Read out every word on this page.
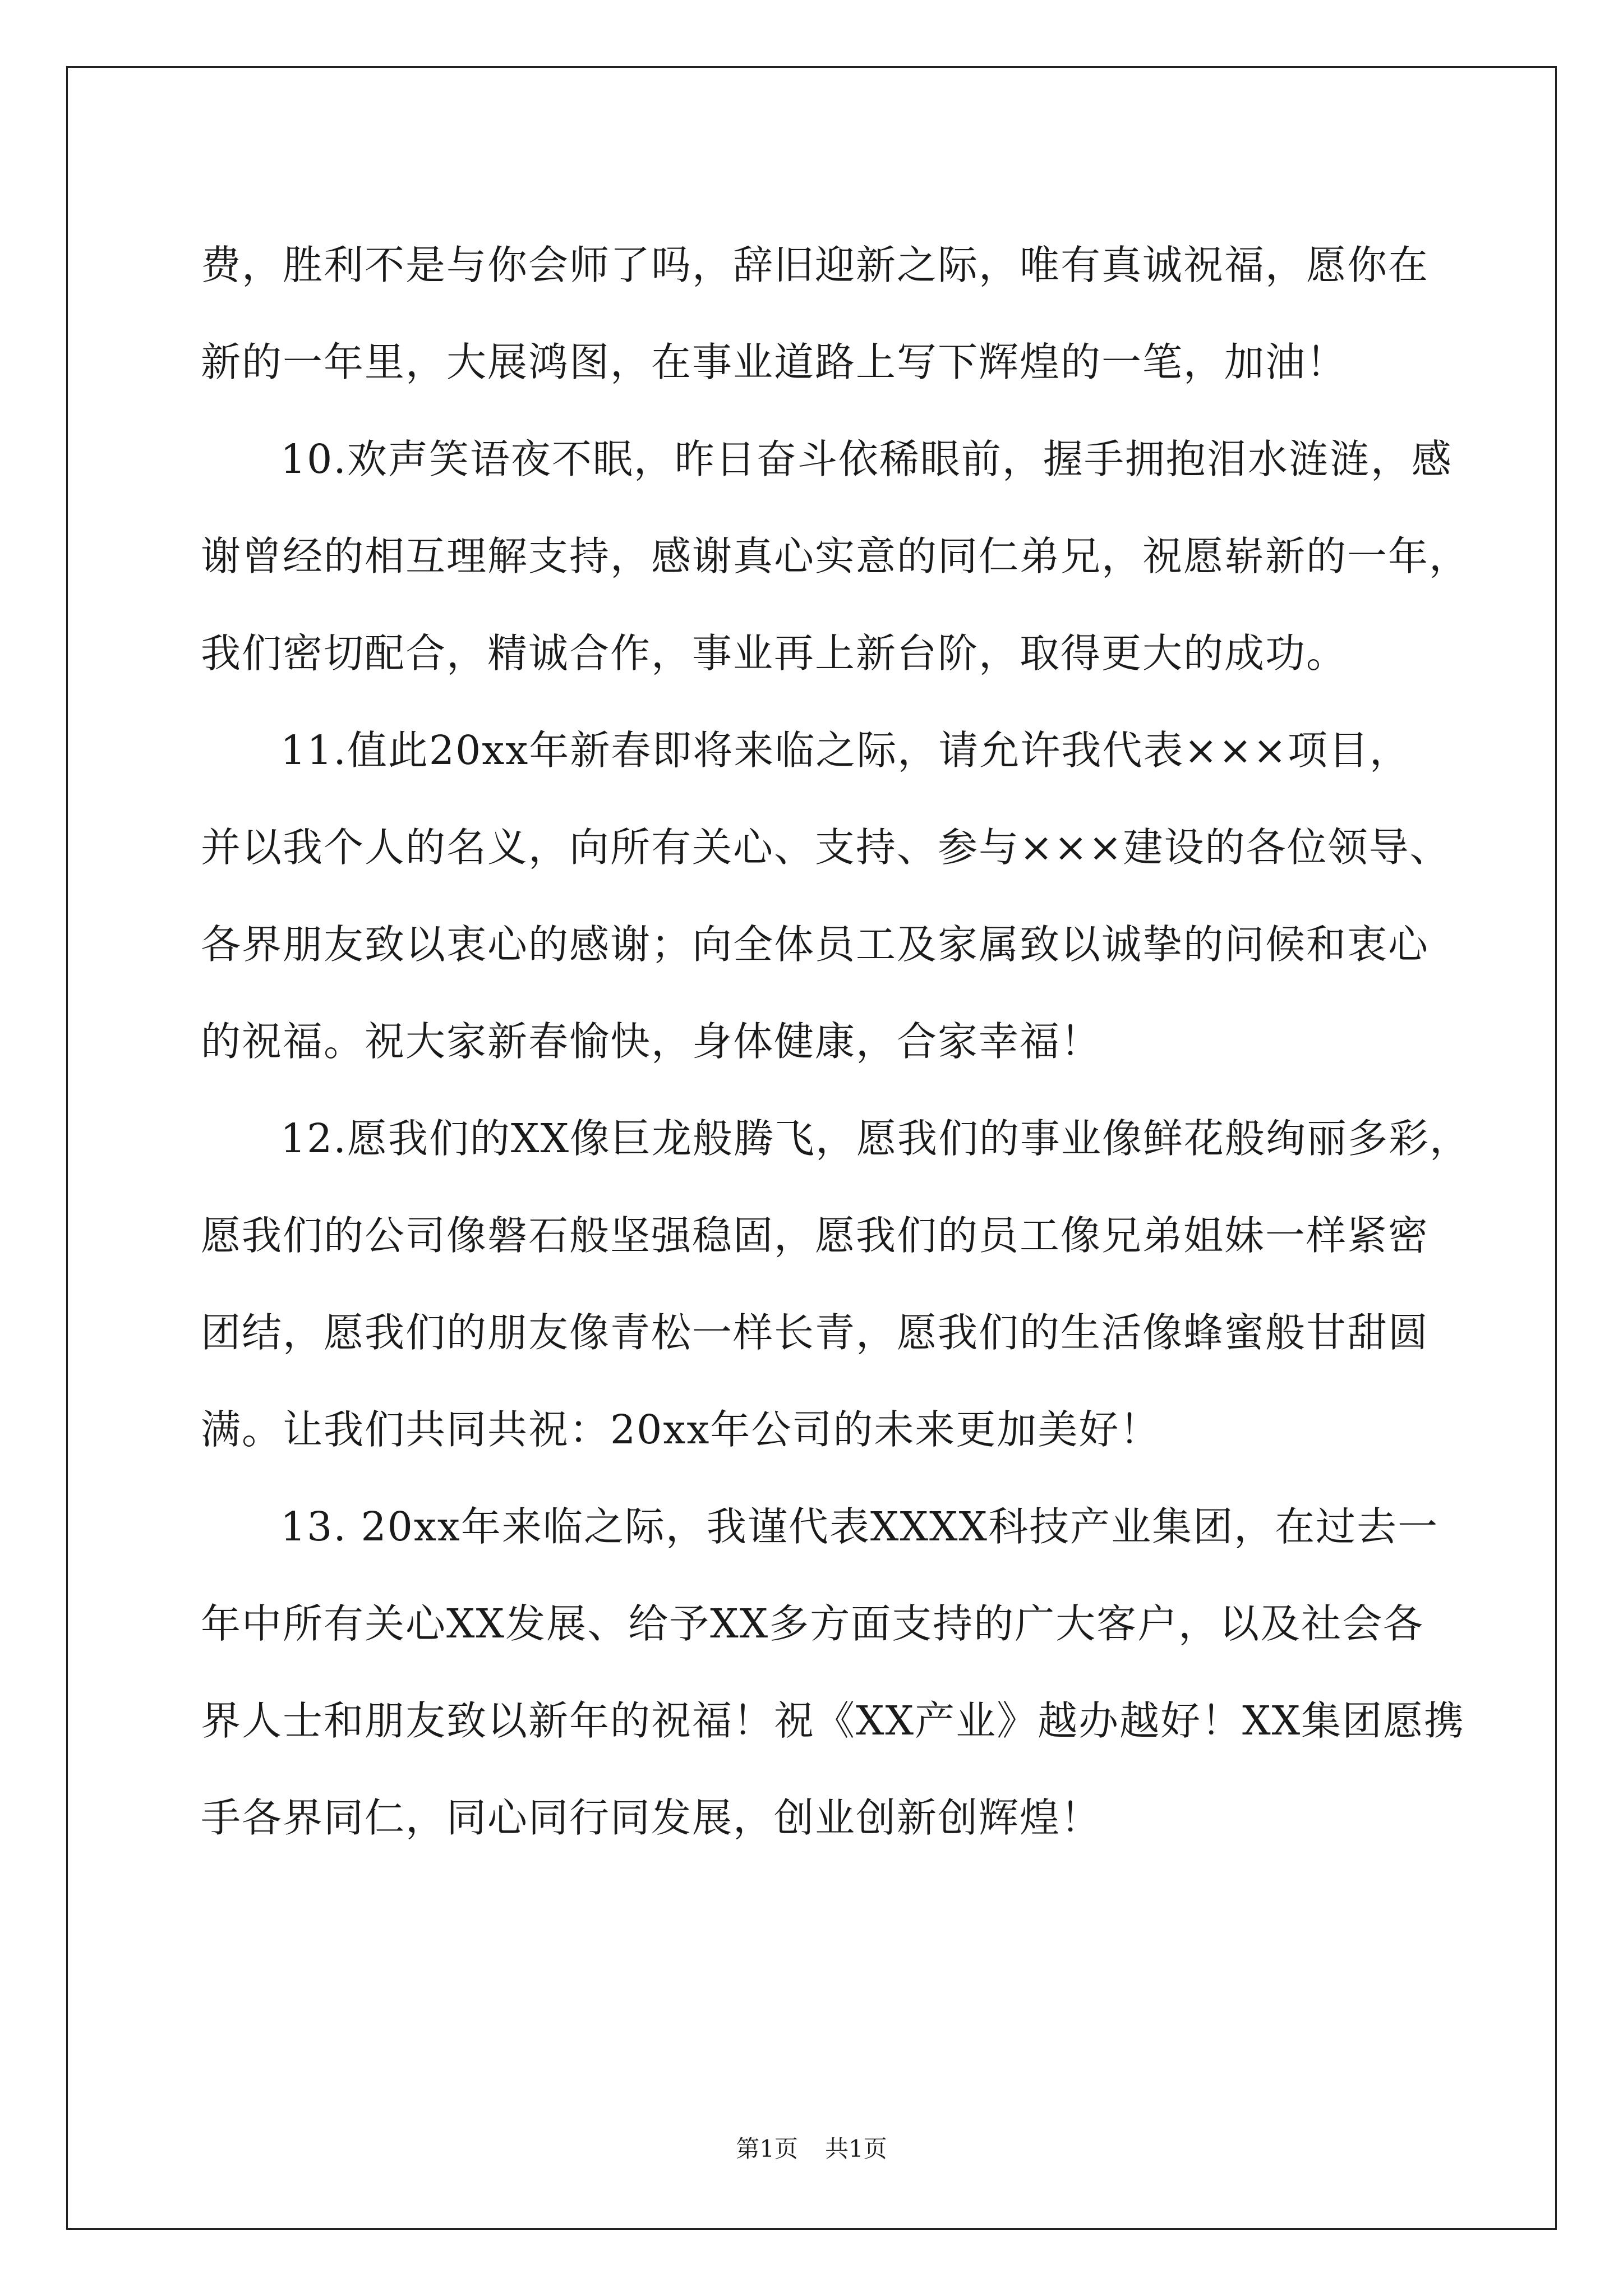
费，胜利不是与你会师了吗，辞旧迎新之际，唯有真诚祝福，愿你在
新的一年里，大展鸿图，在事业道路上写下辉煌的一笔，加油！
10.欢声笑语夜不眠，昨日奋斗依稀眼前，握手拥抱泪水涟涟，感
谢曾经的相互理解支持，感谢真心实意的同仁弟兄，祝愿崭新的一年，
我们密切配合，精诚合作，事业再上新台阶，取得更大的成功。
11.值此20xx年新春即将来临之际，请允许我代表×××项目，
并以我个人的名义，向所有关心、支持、参与×××建设的各位领导、
各界朋友致以衷心的感谢；向全体员工及家属致以诚挚的问候和衷心
的祝福。祝大家新春愉快，身体健康，合家幸福！
12.愿我们的XX像巨龙般腾飞，愿我们的事业像鲜花般绚丽多彩，
愿我们的公司像磐石般坚强稳固，愿我们的员工像兄弟姐妹一样紧密
团结，愿我们的朋友像青松一样长青，愿我们的生活像蜂蜜般甘甜圆
满。让我们共同共祝：20xx年公司的未来更加美好！
13. 20xx年来临之际，我谨代表XXXX科技产业集团，在过去一
年中所有关心XX发展、给予XX多方面支持的广大客户，以及社会各
界人士和朋友致以新年的祝福！祝《XX产业》越办越好！XX集团愿携
手各界同仁，同心同行同发展，创业创新创辉煌！
第1页 共1页
